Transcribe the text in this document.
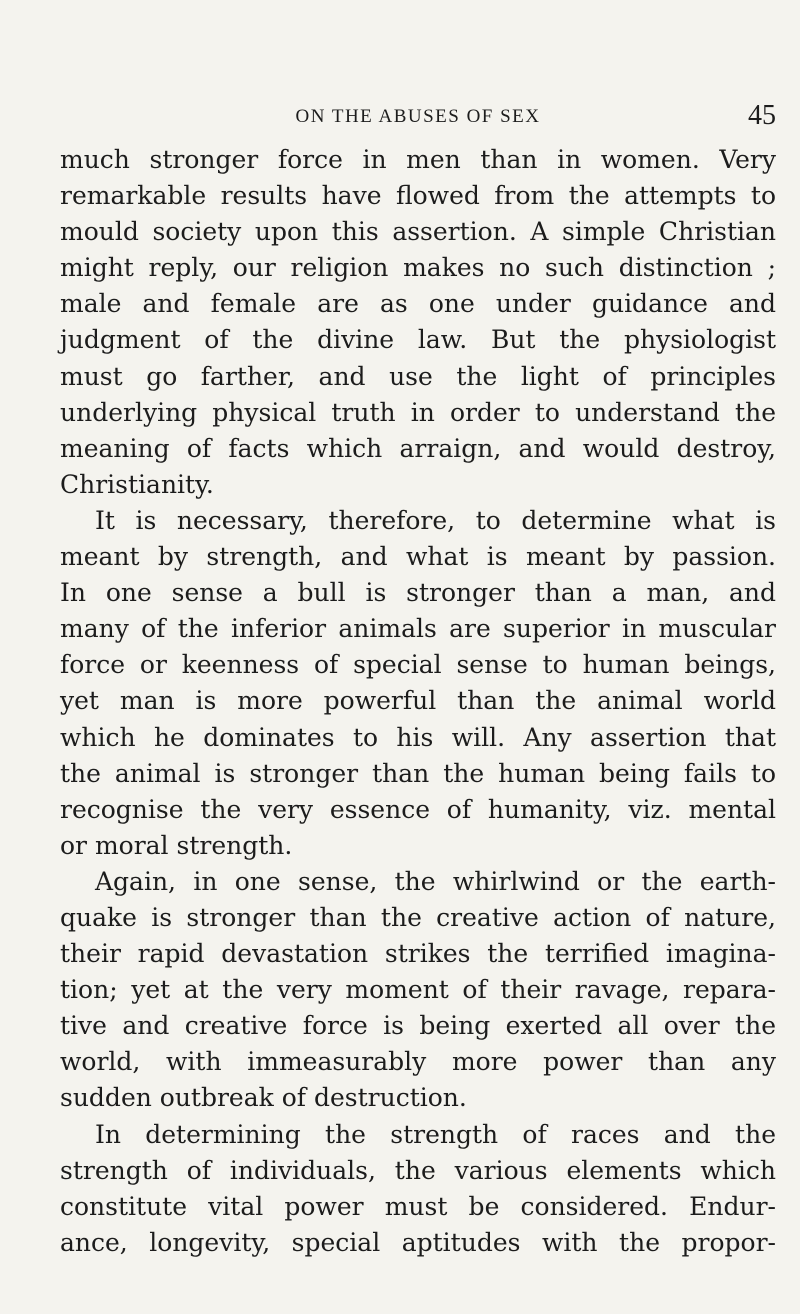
ON THE ABUSES OF SEX	45
much stronger force in men than in women. Very
remarkable results have flowed from the attempts to
mould society upon this assertion. A simple Christian
might reply, our religion makes no such distinction ;
male and female are as one under guidance and
judgment of the divine law. But the physiologist
must go farther, and use the light of principles
underlying physical truth in order to understand the
meaning of facts which arraign, and would destroy,
Christianity.
It is necessary, therefore, to determine what is
meant by strength, and what is meant by passion.
In one sense a bull is stronger than a man, and
many of the inferior animals are superior in muscular
force or keenness of special sense to human beings,
yet man is more powerful than the animal world
which he dominates to his will. Any assertion that
the animal is stronger than the human being fails to
recognise the very essence of humanity, viz. mental
or moral strength.
Again, in one sense, the whirlwind or the earth-
quake is stronger than the creative action of nature,
their rapid devastation strikes the terrified imagina-
tion; yet at the very moment of their ravage, repara-
tive and creative force is being exerted all over the
world, with immeasurably more power than any
sudden outbreak of destruction.
In determining the strength of races and the
strength of individuals, the various elements which
constitute vital power must be considered. Endur-
ance, longevity, special aptitudes with the propor-
